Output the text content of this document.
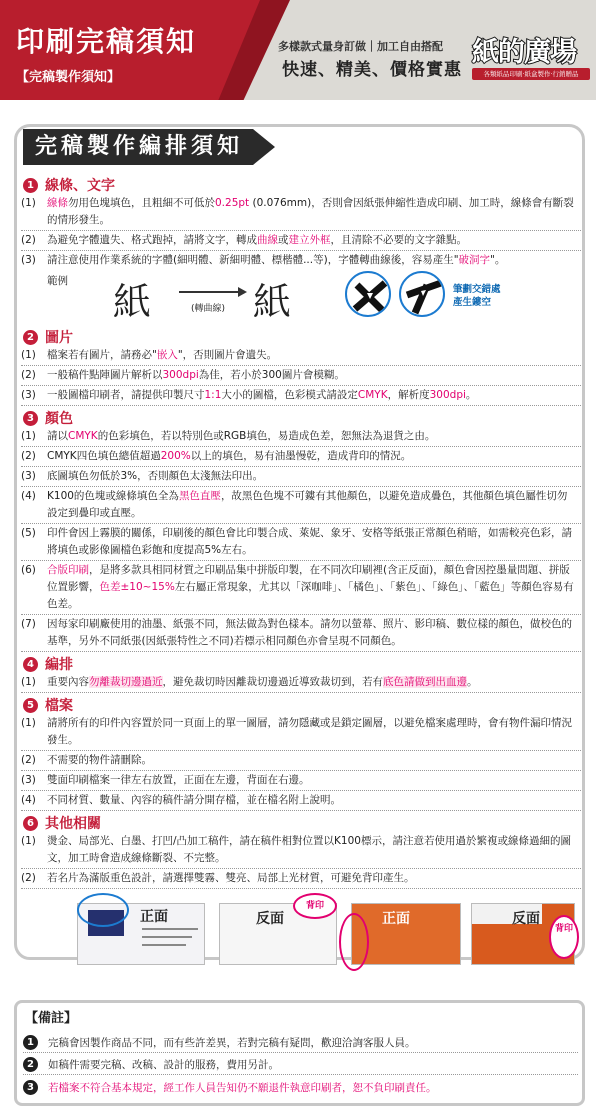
印刷完稿須知
【完稿製作須知】
多樣款式量身訂做｜加工自由搭配
快速、精美、價格實惠
紙的廣場
各類紙品印刷‧紙盒製作‧行銷贈品
完稿製作編排須知
1 線條、文字
(1)	線條勿用色塊填色，且粗細不可低於0.25pt (0.076mm)，否則會因紙張伸縮性造成印刷、加工時，線條會有斷裂的情形發生。
(2)	為避免字體遺失、格式跑掉，請將文字，轉成曲線或建立外框，且清除不必要的文字雜點。
(3)	請注意使用作業系統的字體(細明體、新細明體、標楷體...等)，字體轉曲線後，容易產生"破洞字"。
範例 紙	(轉曲線) 紙	筆劃交錯處
產生鏤空
2 圖片
(1)	檔案若有圖片，請務必"嵌入"，否則圖片會遺失。
(2)	一般稿件點陣圖片解析以300dpi為佳，若小於300圖片會模糊。
(3)	一般圖檔印刷者，請提供印製尺寸1:1大小的圖檔，色彩模式請設定CMYK，解析度300dpi。
3 顏色
(1)	請以CMYK的色彩填色，若以特別色或RGB填色，易造成色差，恕無法為退貨之由。
(2)	CMYK四色填色總值超過200%以上的填色，易有油墨慢乾，造成背印的情況。
(3)	底圖填色勿低於3%，否則顏色太淺無法印出。
(4)	K100的色塊或線條填色全為黑色直壓，故黑色色塊不可鏤有其他顏色，以避免造成疊色，其他顏色填色屬性切勿設定到疊印或直壓。
(5)	印件會因上霧膜的關係，印刷後的顏色會比印製合成、萊妮、象牙、安格等紙張正常顏色稍暗，如需較亮色彩，請將填色或影像圖檔色彩飽和度提高5%左右。
(6)	合版印刷，是將多款具相同材質之印刷品集中拼版印製，在不同次印刷裡(含正反面)，顏色會因控墨量問題、拼版位置影響，色差±10~15%左右屬正常現象，尤其以「深咖啡」、「橘色」、「紫色」、「綠色」、「藍色」等顏色容易有色差。
(7)	因每家印刷廠使用的油墨、紙張不同，無法做為對色樣本。請勿以螢幕、照片、影印稿、數位樣的顏色，做校色的基準，另外不同紙張(因紙張特性之不同)若標示相同顏色亦會呈現不同顏色。
4 編排
(1)	重要內容勿離裁切邊過近，避免裁切時因離裁切邊過近導致裁切到，若有底色請做到出血邊。
5 檔案
(1)	請將所有的印件內容置於同一頁面上的單一圖層，請勿隱藏或是鎖定圖層，以避免檔案處理時，會有物件漏印情況發生。
(2)	不需要的物件請刪除。
(3)	雙面印刷檔案一律左右放置，正面在左邊，背面在右邊。
(4)	不同材質、數量、內容的稿件請分開存檔，並在檔名附上說明。
6 其他相關
(1)	燙金、局部光、白墨、打凹/凸加工稿件，請在稿件相對位置以K100標示，請注意若使用過於繁複或線條過細的圖文，加工時會造成線條斷裂、不完整。
(2)	若名片為滿版重色設計，請選擇雙霧、雙亮、局部上光材質，可避免背印產生。
正面	反面
背印
正面	反面
背印
【備註】
1	完稿會因製作商品不同，而有些許差異，若對完稿有疑問，歡迎洽詢客服人員。
2	如稿件需要完稿、改稿、設計的服務，費用另計。
3	若檔案不符合基本規定，經工作人員告知仍不願退件執意印刷者，恕不負印刷責任。
